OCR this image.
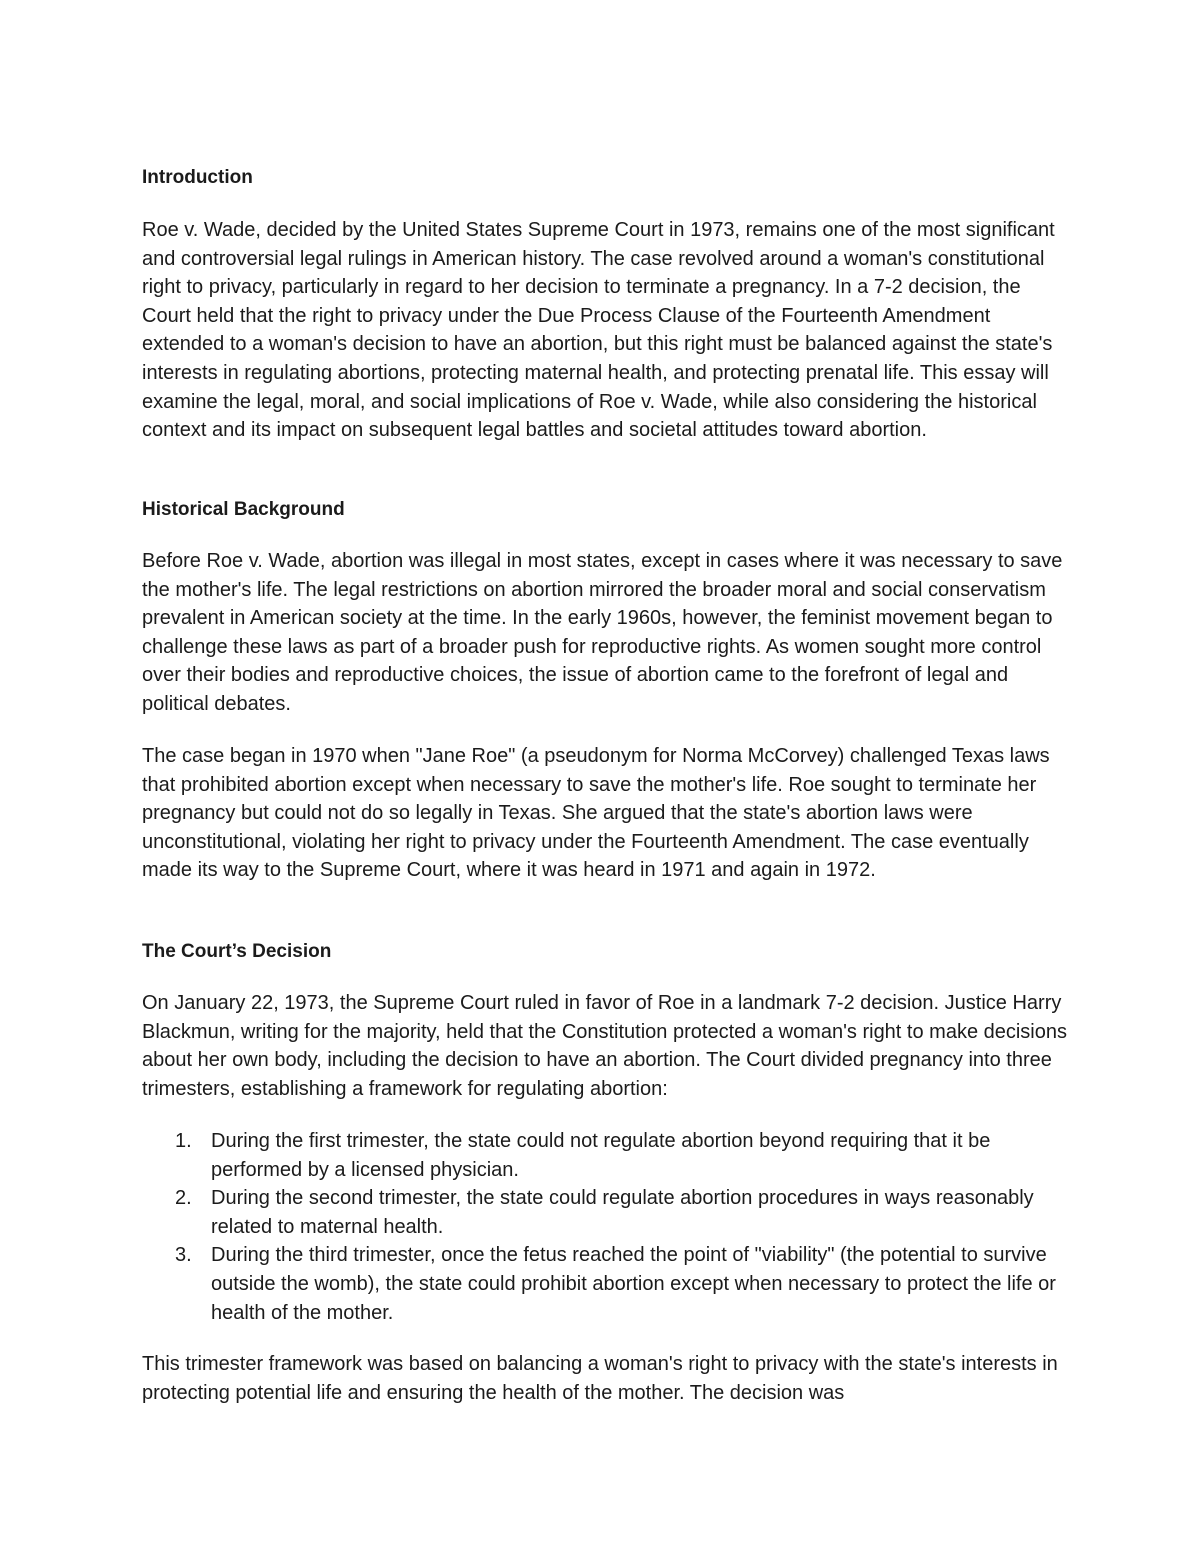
Introduction

Roe v. Wade, decided by the United States Supreme Court in 1973, remains one of the most significant and controversial legal rulings in American history. The case revolved around a woman's constitutional right to privacy, particularly in regard to her decision to terminate a pregnancy. In a 7-2 decision, the Court held that the right to privacy under the Due Process Clause of the Fourteenth Amendment extended to a woman's decision to have an abortion, but this right must be balanced against the state's interests in regulating abortions, protecting maternal health, and protecting prenatal life. This essay will examine the legal, moral, and social implications of Roe v. Wade, while also considering the historical context and its impact on subsequent legal battles and societal attitudes toward abortion.

Historical Background

Before Roe v. Wade, abortion was illegal in most states, except in cases where it was necessary to save the mother's life. The legal restrictions on abortion mirrored the broader moral and social conservatism prevalent in American society at the time. In the early 1960s, however, the feminist movement began to challenge these laws as part of a broader push for reproductive rights. As women sought more control over their bodies and reproductive choices, the issue of abortion came to the forefront of legal and political debates.

The case began in 1970 when "Jane Roe" (a pseudonym for Norma McCorvey) challenged Texas laws that prohibited abortion except when necessary to save the mother's life. Roe sought to terminate her pregnancy but could not do so legally in Texas. She argued that the state's abortion laws were unconstitutional, violating her right to privacy under the Fourteenth Amendment. The case eventually made its way to the Supreme Court, where it was heard in 1971 and again in 1972.

The Court’s Decision

On January 22, 1973, the Supreme Court ruled in favor of Roe in a landmark 7-2 decision. Justice Harry Blackmun, writing for the majority, held that the Constitution protected a woman's right to make decisions about her own body, including the decision to have an abortion. The Court divided pregnancy into three trimesters, establishing a framework for regulating abortion:

1. During the first trimester, the state could not regulate abortion beyond requiring that it be performed by a licensed physician.
2. During the second trimester, the state could regulate abortion procedures in ways reasonably related to maternal health.
3. During the third trimester, once the fetus reached the point of "viability" (the potential to survive outside the womb), the state could prohibit abortion except when necessary to protect the life or health of the mother.

This trimester framework was based on balancing a woman's right to privacy with the state's interests in protecting potential life and ensuring the health of the mother. The decision was
